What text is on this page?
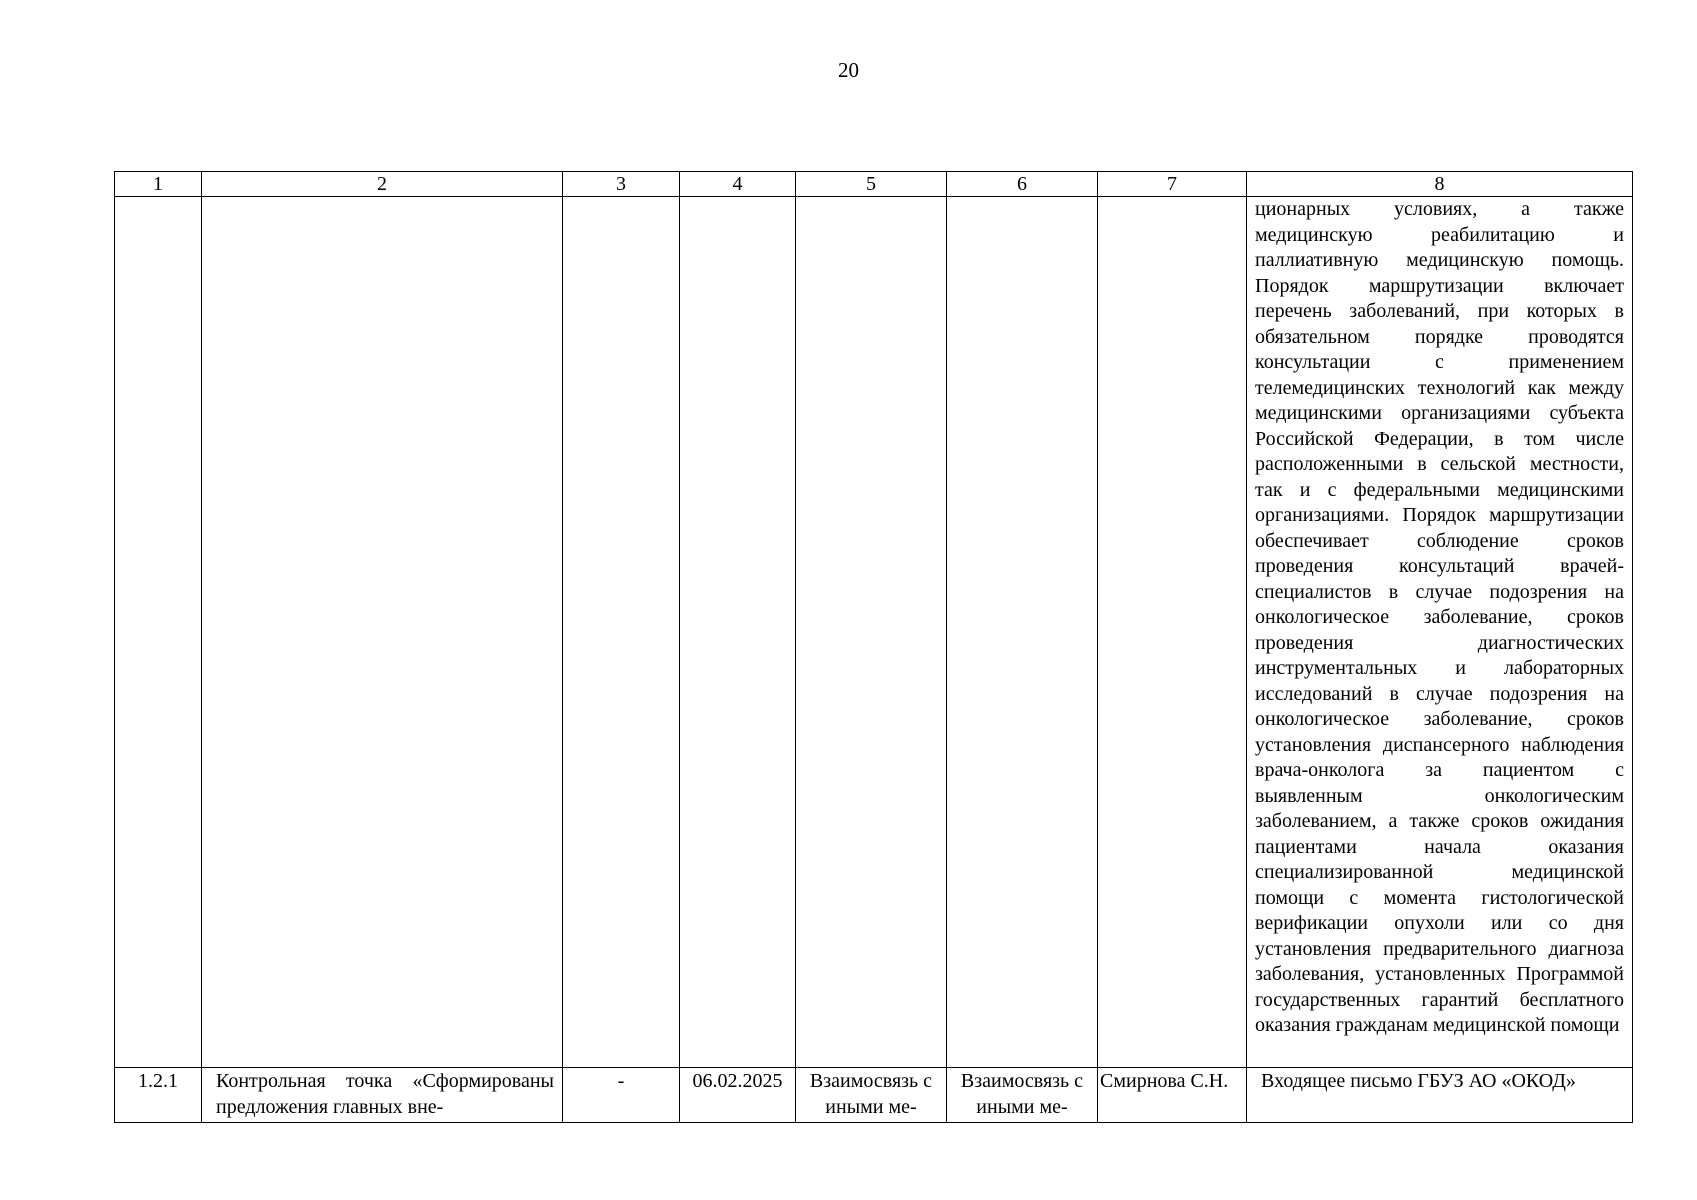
20
1	2	3	4	5	6	7	8
							ционарных условиях, а также медицинскую реабилитацию и паллиативную медицинскую помощь. Порядок маршрутизации включает перечень заболеваний, при которых в обязательном порядке проводятся консультации с применением телемедицинских технологий как между медицинскими организациями субъекта Российской Федерации, в том числе расположенными в сельской местности, так и с федеральными медицинскими организациями. Порядок маршрутизации обеспечивает соблюдение сроков проведения консультаций врачей-специалистов в случае подозрения на онкологическое заболевание, сроков проведения диагностических инструментальных и лабораторных исследований в случае подозрения на онкологическое заболевание, сроков установления диспансерного наблюдения врача-онколога за пациентом с выявленным онкологическим заболеванием, а также сроков ожидания пациентами начала оказания специализированной медицинской помощи с момента гистологической верификации опухоли или со дня установления предварительного диагноза заболевания, установленных Программой государственных гарантий бесплатного оказания гражданам медицинской помощи
1.2.1	Контрольная точка «Сформированы предложения главных вне-	-	06.02.2025	Взаимосвязь с иными ме-	Взаимосвязь с иными ме-	Смирнова С.Н.	Входящее письмо ГБУЗ АО «ОКОД»
